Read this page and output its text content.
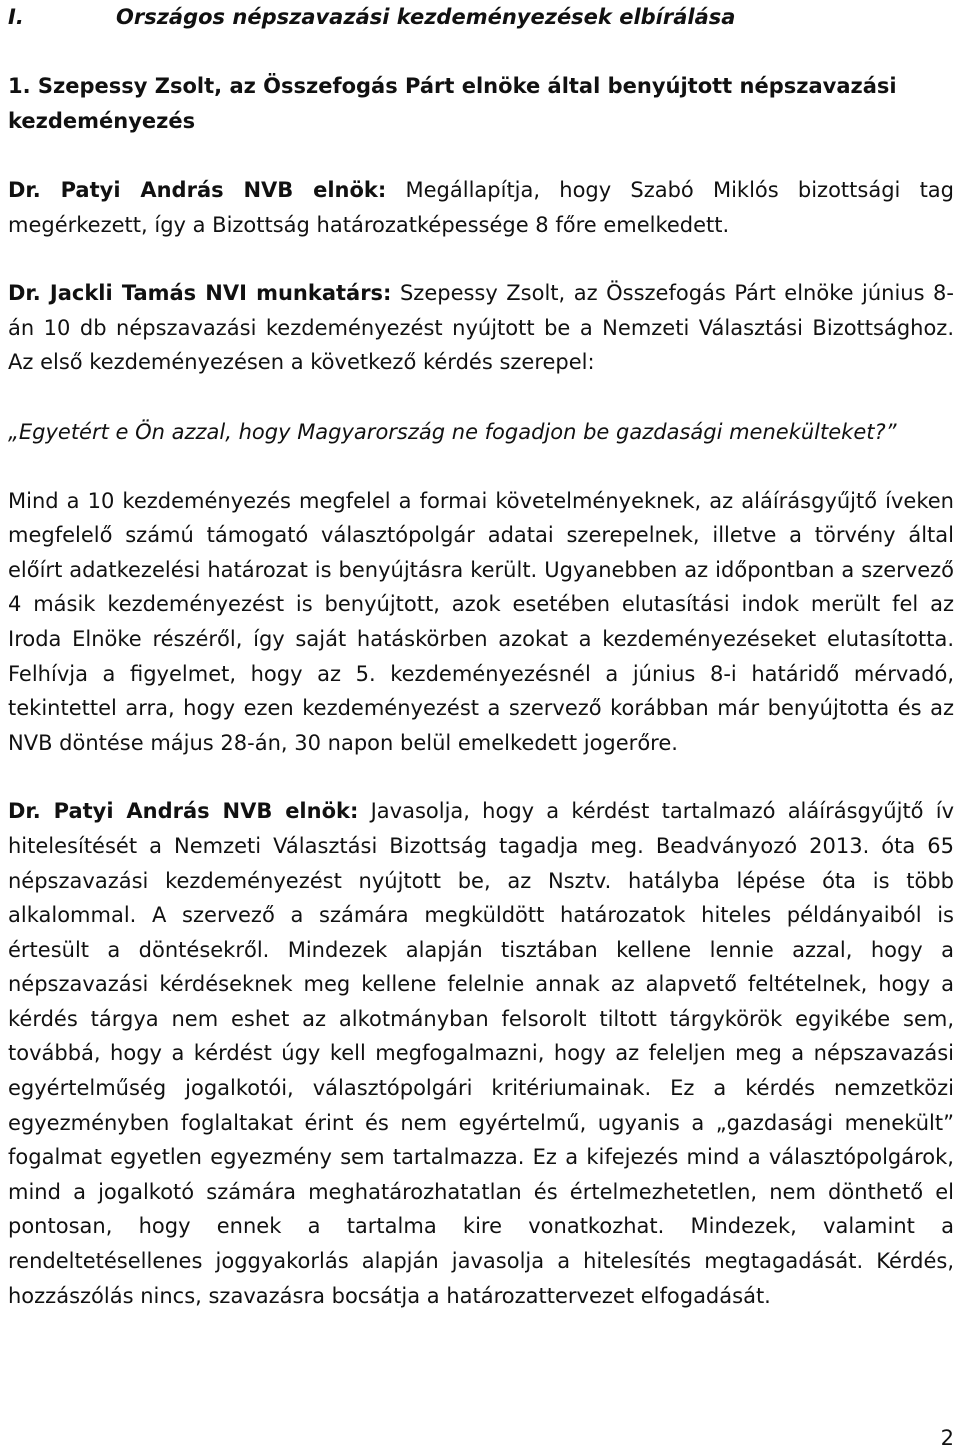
I.	Országos népszavazási kezdeményezések elbírálása
1. Szepessy Zsolt, az Összefogás Párt elnöke által benyújtott népszavazási kezdeményezés

Dr. Patyi András NVB elnök: Megállapítja, hogy Szabó Miklós bizottsági tag megérkezett, így a Bizottság határozatképessége 8 főre emelkedett.

Dr. Jackli Tamás NVI munkatárs: Szepessy Zsolt, az Összefogás Párt elnöke június 8-án 10 db népszavazási kezdeményezést nyújtott be a Nemzeti Választási Bizottsághoz. Az első kezdeményezésen a következő kérdés szerepel:

„Egyetért e Ön azzal, hogy Magyarország ne fogadjon be gazdasági menekülteket?”

Mind a 10 kezdeményezés megfelel a formai követelményeknek, az aláírásgyűjtő íveken megfelelő számú támogató választópolgár adatai szerepelnek, illetve a törvény által előírt adatkezelési határozat is benyújtásra került. Ugyanebben az időpontban a szervező 4 másik kezdeményezést is benyújtott, azok esetében elutasítási indok merült fel az Iroda Elnöke részéről, így saját hatáskörben azokat a kezdeményezéseket elutasította. Felhívja a figyelmet, hogy az 5. kezdeményezésnél a június 8-i határidő mérvadó, tekintettel arra, hogy ezen kezdeményezést a szervező korábban már benyújtotta és az NVB döntése május 28-án, 30 napon belül emelkedett jogerőre.

Dr. Patyi András NVB elnök: Javasolja, hogy a kérdést tartalmazó aláírásgyűjtő ív hitelesítését a Nemzeti Választási Bizottság tagadja meg. Beadványozó 2013. óta 65 népszavazási kezdeményezést nyújtott be, az Nsztv. hatályba lépése óta is több alkalommal. A szervező a számára megküldött határozatok hiteles példányaiból is értesült a döntésekről. Mindezek alapján tisztában kellene lennie azzal, hogy a népszavazási kérdéseknek meg kellene felelnie annak az alapvető feltételnek, hogy a kérdés tárgya nem eshet az alkotmányban felsorolt tiltott tárgykörök egyikébe sem, továbbá, hogy a kérdést úgy kell megfogalmazni, hogy az feleljen meg a népszavazási egyértelműség jogalkotói, választópolgári kritériumainak. Ez a kérdés nemzetközi egyezményben foglaltakat érint és nem egyértelmű, ugyanis a „gazdasági menekült” fogalmat egyetlen egyezmény sem tartalmazza. Ez a kifejezés mind a választópolgárok, mind a jogalkotó számára meghatározhatatlan és értelmezhetetlen, nem dönthető el pontosan, hogy ennek a tartalma kire vonatkozhat. Mindezek, valamint a rendeltetésellenes joggyakorlás alapján javasolja a hitelesítés megtagadását. Kérdés, hozzászólás nincs, szavazásra bocsátja a határozattervezet elfogadását.

2
